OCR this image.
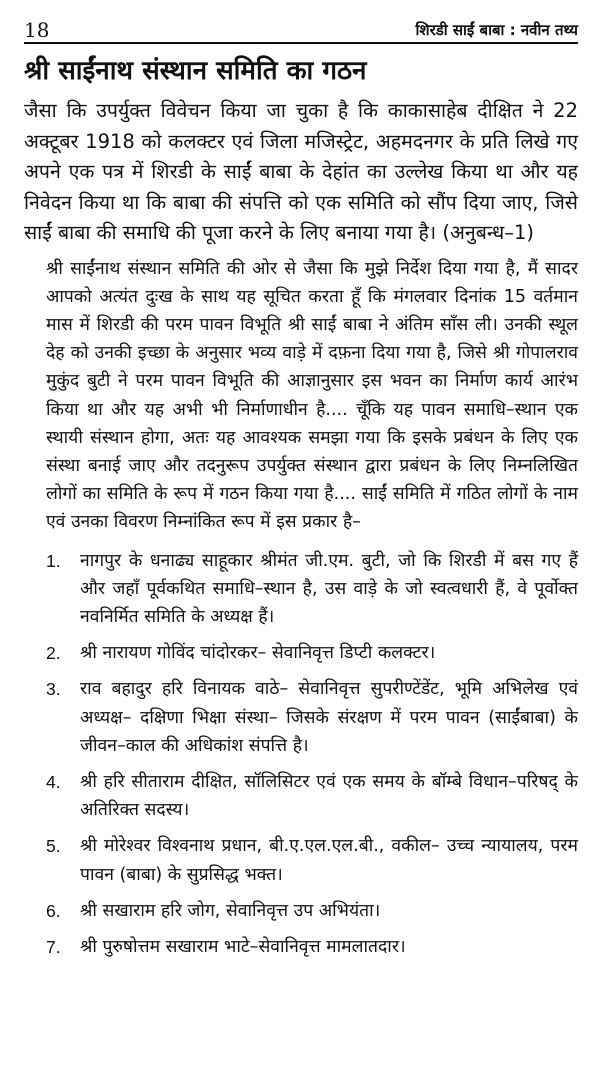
18	शिरडी साईं बाबा : नवीन तथ्य
श्री साईंनाथ संस्थान समिति का गठन

जैसा कि उपर्युक्त विवेचन किया जा चुका है कि काकासाहेब दीक्षित ने 22 अक्टूबर 1918 को कलक्टर एवं जिला मजिस्ट्रेट, अहमदनगर के प्रति लिखे गए अपने एक पत्र में शिरडी के साईं बाबा के देहांत का उल्लेख किया था और यह निवेदन किया था कि बाबा की संपत्ति को एक समिति को सौंप दिया जाए, जिसे साईं बाबा की समाधि की पूजा करने के लिए बनाया गया है। (अनुबन्ध–1)

श्री साईंनाथ संस्थान समिति की ओर से जैसा कि मुझे निर्देश दिया गया है, मैं सादर आपको अत्यंत दुःख के साथ यह सूचित करता हूँ कि मंगलवार दिनांक 15 वर्तमान मास में शिरडी की परम पावन विभूति श्री साईं बाबा ने अंतिम साँस ली। उनकी स्थूल देह को उनकी इच्छा के अनुसार भव्य वाड़े में दफ़ना दिया गया है, जिसे श्री गोपालराव मुकुंद बुटी ने परम पावन विभूति की आज्ञानुसार इस भवन का निर्माण कार्य आरंभ किया था और यह अभी भी निर्माणाधीन है.... चूँकि यह पावन समाधि–स्थान एक स्थायी संस्थान होगा, अतः यह आवश्यक समझा गया कि इसके प्रबंधन के लिए एक संस्था बनाई जाए और तदनुरूप उपर्युक्त संस्थान द्वारा प्रबंधन के लिए निम्नलिखित लोगों का समिति के रूप में गठन किया गया है.... साईं समिति में गठित लोगों के नाम एवं उनका विवरण निम्नांकित रूप में इस प्रकार है–

1.	नागपुर के धनाढ्य साहूकार श्रीमंत जी.एम. बुटी, जो कि शिरडी में बस गए हैं और जहाँ पूर्वकथित समाधि–स्थान है, उस वाड़े के जो स्वत्वधारी हैं, वे पूर्वोक्त नवनिर्मित समिति के अध्यक्ष हैं।
2.	श्री नारायण गोविंद चांदोरकर– सेवानिवृत्त डिप्टी कलक्टर।
3.	राव बहादुर हरि विनायक वाठे– सेवानिवृत्त सुपरीण्टेंडेंट, भूमि अभिलेख एवं अध्यक्ष– दक्षिणा भिक्षा संस्था– जिसके संरक्षण में परम पावन (साईंबाबा) के जीवन–काल की अधिकांश संपत्ति है।
4.	श्री हरि सीताराम दीक्षित, सॉलिसिटर एवं एक समय के बॉम्बे विधान–परिषद् के अतिरिक्त सदस्य।
5.	श्री मोरेश्वर विश्वनाथ प्रधान, बी.ए.एल.एल.बी., वकील– उच्च न्यायालय, परम पावन (बाबा) के सुप्रसिद्ध भक्त।
6.	श्री सखाराम हरि जोग, सेवानिवृत्त उप अभियंता।
7.	श्री पुरुषोत्तम सखाराम भाटे–सेवानिवृत्त मामलातदार।
